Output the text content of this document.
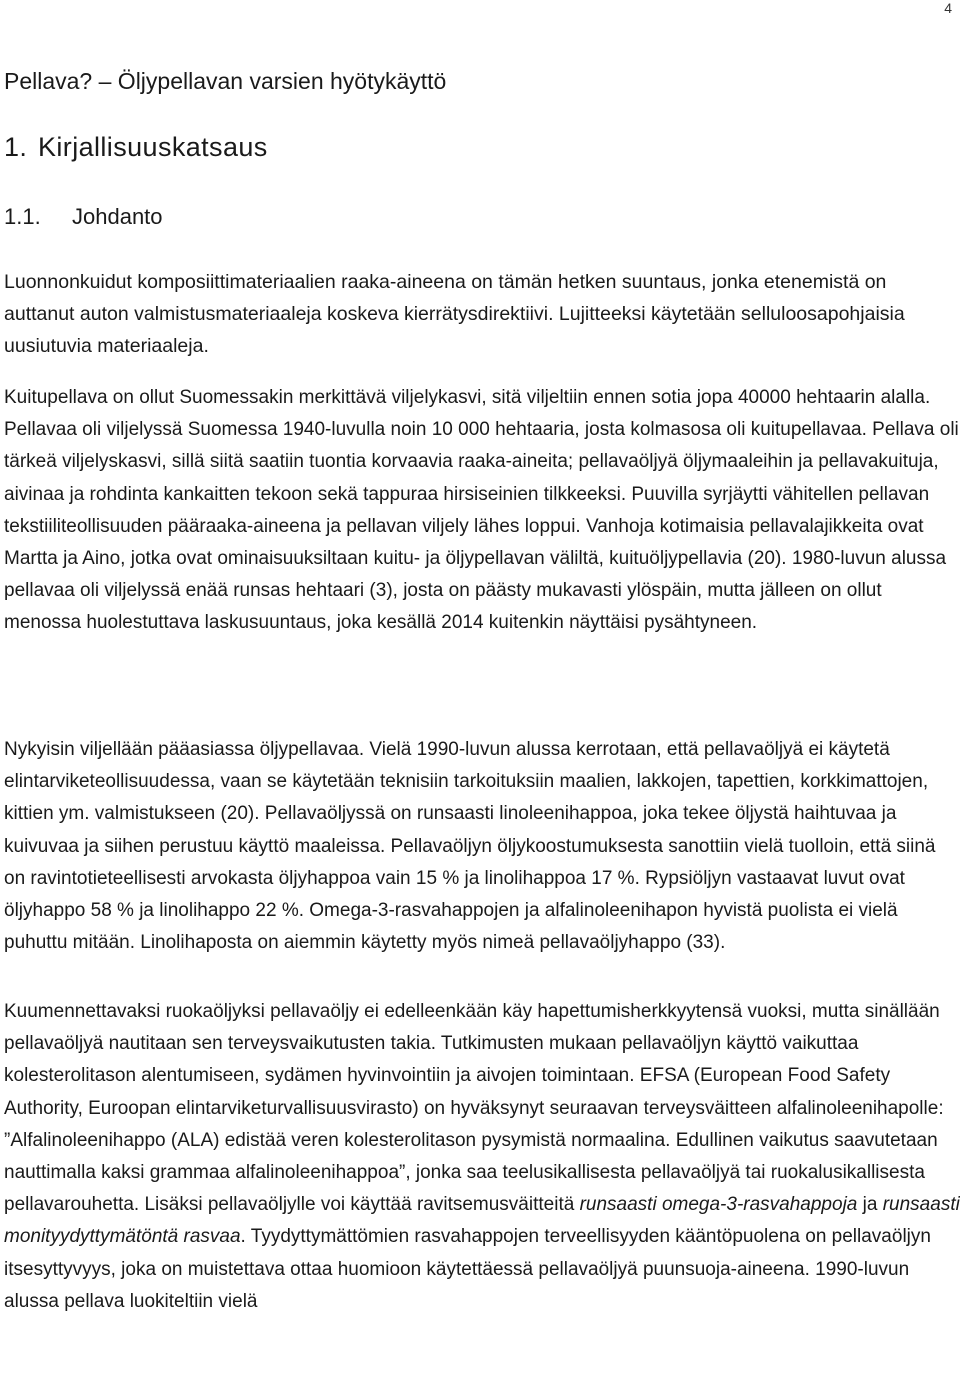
4
Pellava? – Öljypellavan varsien hyötykäyttö
1. Kirjallisuuskatsaus
1.1. Johdanto

Luonnonkuidut komposiittimateriaalien raaka-aineena on tämän hetken suuntaus, jonka etenemistä on auttanut auton valmistusmateriaaleja koskeva kierrätysdirektiivi. Lujitteeksi käytetään selluloosapohjaisia uusiutuvia materiaaleja.

Kuitupellava on ollut Suomessakin merkittävä viljelykasvi, sitä viljeltiin ennen sotia jopa 40000 hehtaarin alalla. Pellavaa oli viljelyssä Suomessa 1940-luvulla noin 10 000 hehtaaria, josta kolmasosa oli kuitupellavaa. Pellava oli tärkeä viljelyskasvi, sillä siitä saatiin tuontia korvaavia raaka-aineita; pellavaöljyä öljymaaleihin ja pellavakuituja, aivinaa ja rohdinta kankaitten tekoon sekä tappuraa hirsiseinien tilkkeeksi. Puuvilla syrjäytti vähitellen pellavan tekstiiliteollisuuden pääraaka-aineena ja pellavan viljely lähes loppui. Vanhoja kotimaisia pellavalajikkeita ovat Martta ja Aino, jotka ovat ominaisuuksiltaan kuitu- ja öljypellavan väliltä, kuituöljypellavia (20). 1980-luvun alussa pellavaa oli viljelyssä enää runsas hehtaari (3), josta on päästy mukavasti ylöspäin, mutta jälleen on ollut menossa huolestuttava laskusuuntaus, joka kesällä 2014 kuitenkin näyttäisi pysähtyneen.

Nykyisin viljellään pääasiassa öljypellavaa. Vielä 1990-luvun alussa kerrotaan, että pellavaöljyä ei käytetä elintarviketeollisuudessa, vaan se käytetään teknisiin tarkoituksiin maalien, lakkojen, tapettien, korkkimattojen, kittien ym. valmistukseen (20). Pellavaöljyssä on runsaasti linoleenihappoa, joka tekee öljystä haihtuvaa ja kuivuvaa ja siihen perustuu käyttö maaleissa. Pellavaöljyn öljykoostumuksesta sanottiin vielä tuolloin, että siinä on ravintotieteellisesti arvokasta öljyhappoa vain 15 % ja linolihappoa 17 %. Rypsiöljyn vastaavat luvut ovat öljyhappo 58 % ja linolihappo 22 %. Omega-3-rasvahappojen ja alfalinoleenihapon hyvistä puolista ei vielä puhuttu mitään. Linolihaposta on aiemmin käytetty myös nimeä pellavaöljyhappo (33).

Kuumennettavaksi ruokaöljyksi pellavaöljy ei edelleenkään käy hapettumisherkkyytensä vuoksi, mutta sinällään pellavaöljyä nautitaan sen terveysvaikutusten takia. Tutkimusten mukaan pellavaöljyn käyttö vaikuttaa kolesterolitason alentumiseen, sydämen hyvinvointiin ja aivojen toimintaan. EFSA (European Food Safety Authority, Euroopan elintarviketurvallisuusvirasto) on hyväksynyt seuraavan terveysväitteen alfalinoleenihapolle: ”Alfalinoleenihappo (ALA) edistää veren kolesterolitason pysymistä normaalina. Edullinen vaikutus saavutetaan nauttimalla kaksi grammaa alfalinoleenihappoa”, jonka saa teelusikallisesta pellavaöljyä tai ruokalusikallisesta pellavarouhetta. Lisäksi pellavaöljylle voi käyttää ravitsemusväitteitä runsaasti omega-3-rasvahappoja ja runsaasti monityydyttymätöntä rasvaa. Tyydyttymättömien rasvahappojen terveellisyyden kääntöpuolena on pellavaöljyn itsesyttyvyys, joka on muistettava ottaa huomioon käytettäessä pellavaöljyä puunsuoja-aineena. 1990-luvun alussa pellava luokiteltiin vielä
